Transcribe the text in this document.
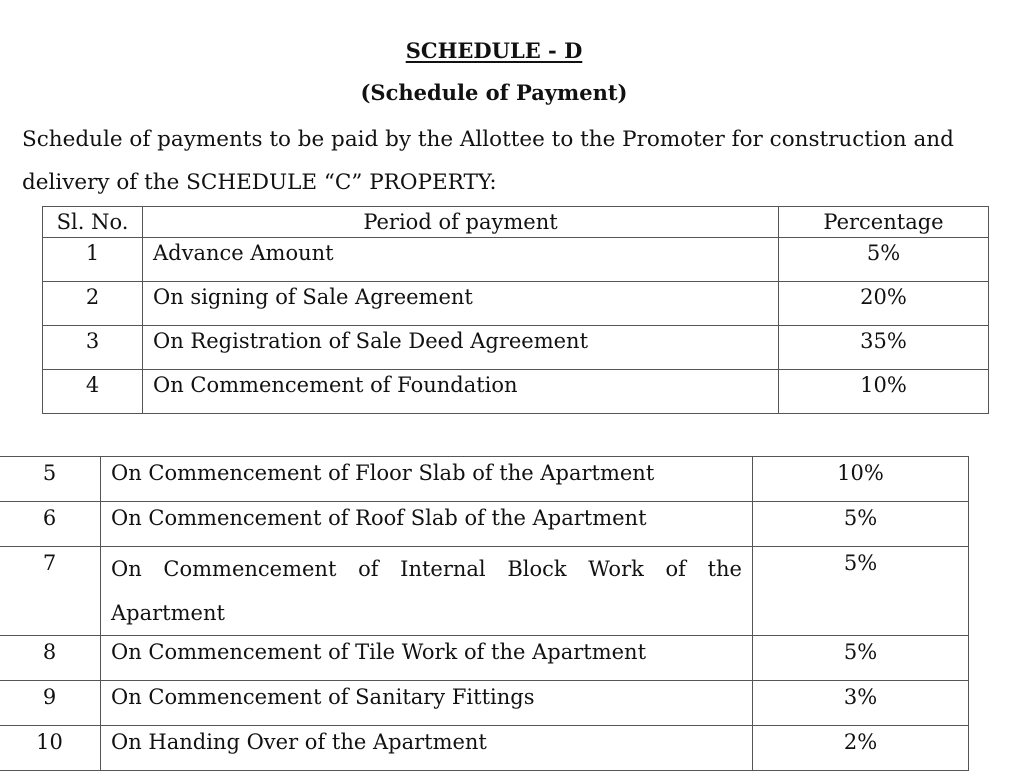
SCHEDULE - D
(Schedule of Payment)
Schedule of payments to be paid by the Allottee to the Promoter for construction and delivery of the SCHEDULE “C” PROPERTY:
Sl. No.	Period of payment	Percentage
1	Advance Amount	5%
2	On signing of Sale Agreement	20%
3	On Registration of Sale Deed Agreement	35%
4	On Commencement of Foundation	10%
5	On Commencement of Floor Slab of the Apartment	10%
6	On Commencement of Roof Slab of the Apartment	5%
7	On Commencement of Internal Block Work of the Apartment	5%
8	On Commencement of Tile Work of the Apartment	5%
9	On Commencement of Sanitary Fittings	3%
10	On Handing Over of the Apartment	2%
